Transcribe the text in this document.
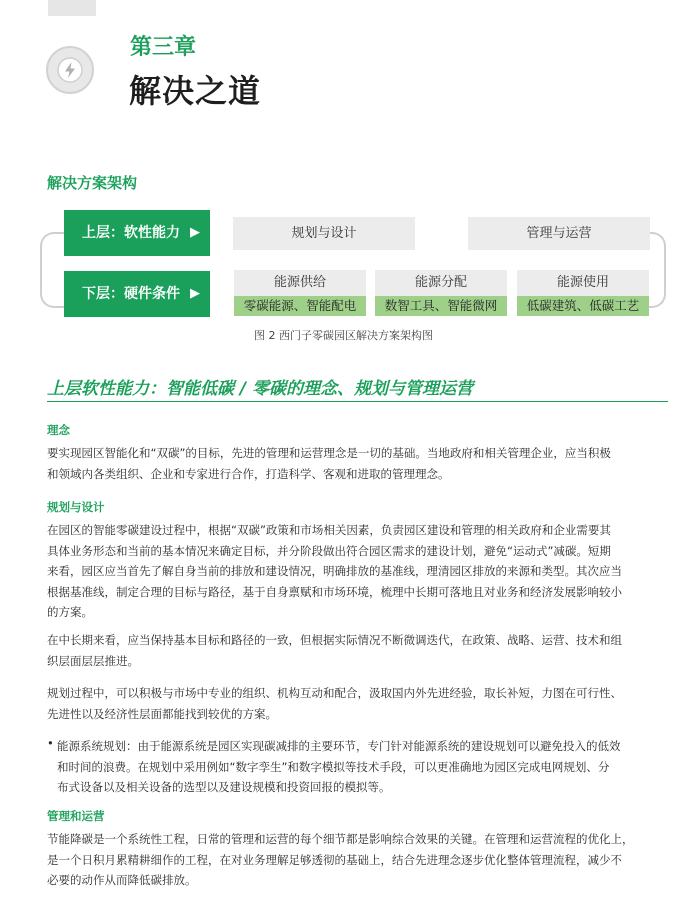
第三章
解决之道
解决方案架构
上层：软性能力 ▶
下层：硬件条件 ▶
规划与设计	管理与运营
能源供给
零碳能源、智能配电
能源分配
数智工具、智能微网
能源使用
低碳建筑、低碳工艺
图 2 西门子零碳园区解决方案架构图
上层软性能力：智能低碳 / 零碳的理念、规划与管理运营
理念

要实现园区智能化和“双碳”的目标，先进的管理和运营理念是一切的基础。当地政府和相关管理企业，应当积极
和领域内各类组织、企业和专家进行合作，打造科学、客观和进取的管理理念。

规划与设计

在园区的智能零碳建设过程中，根据“双碳”政策和市场相关因素，负责园区建设和管理的相关政府和企业需要其
具体业务形态和当前的基本情况来确定目标，并分阶段做出符合园区需求的建设计划，避免“运动式”减碳。短期
来看，园区应当首先了解自身当前的排放和建设情况，明确排放的基准线，理清园区排放的来源和类型。其次应当
根据基准线，制定合理的目标与路径，基于自身禀赋和市场环境，梳理中长期可落地且对业务和经济发展影响较小
的方案。

在中长期来看，应当保持基本目标和路径的一致，但根据实际情况不断微调迭代，在政策、战略、运营、技术和组
织层面层层推进。

规划过程中，可以积极与市场中专业的组织、机构互动和配合，汲取国内外先进经验，取长补短，力图在可行性、
先进性以及经济性层面都能找到较优的方案。

• 能源系统规划：由于能源系统是园区实现碳减排的主要环节，专门针对能源系统的建设规划可以避免投入的低效
和时间的浪费。在规划中采用例如“数字孪生”和数字模拟等技术手段，可以更准确地为园区完成电网规划、分
布式设备以及相关设备的选型以及建设规模和投资回报的模拟等。

管理和运营

节能降碳是一个系统性工程，日常的管理和运营的每个细节都是影响综合效果的关键。在管理和运营流程的优化上，
是一个日积月累精耕细作的工程，在对业务理解足够透彻的基础上，结合先进理念逐步优化整体管理流程，减少不
必要的动作从而降低碳排放。
